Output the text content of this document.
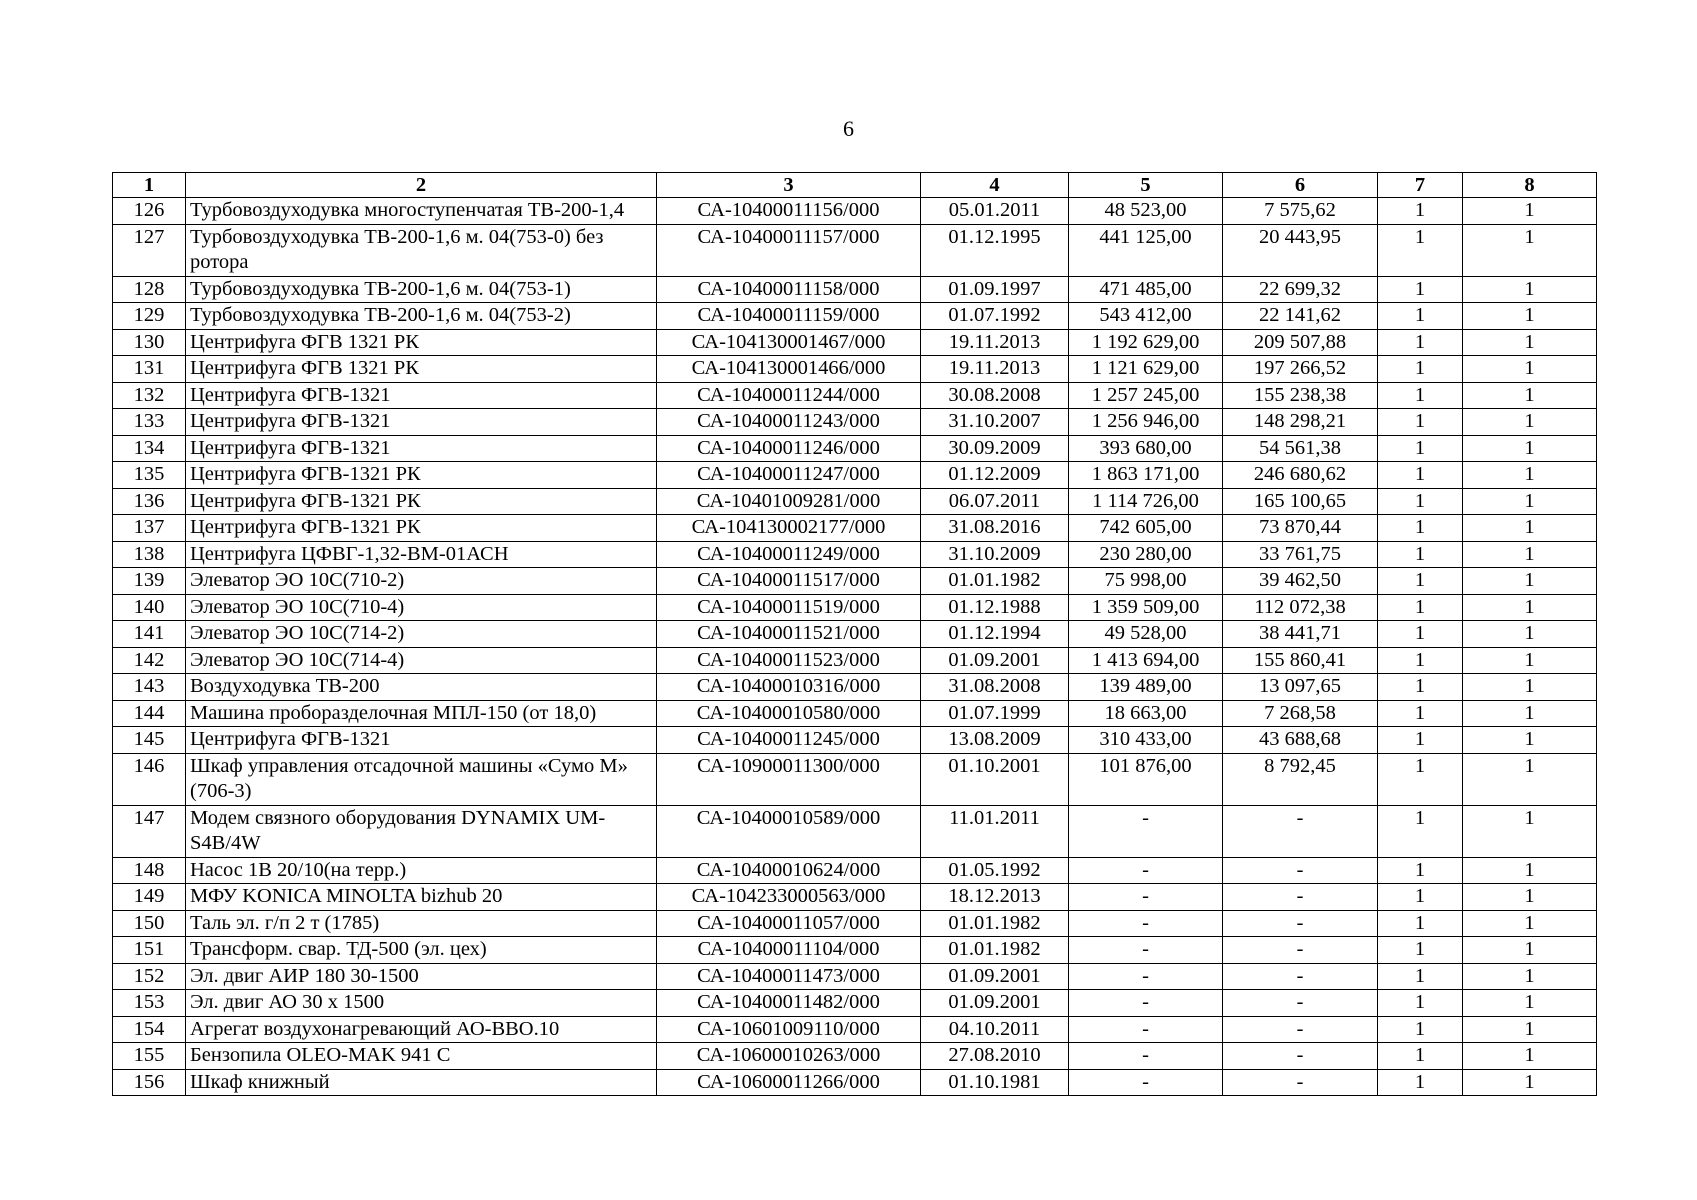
6
1	2	3	4	5	6	7	8
126	Турбовоздуходувка многоступенчатая ТВ-200-1,4	СА-10400011156/000	05.01.2011	48 523,00	7 575,62	1	1
127	Турбовоздуходувка ТВ-200-1,6 м. 04(753-0) без ротора	СА-10400011157/000	01.12.1995	441 125,00	20 443,95	1	1
128	Турбовоздуходувка ТВ-200-1,6 м. 04(753-1)	СА-10400011158/000	01.09.1997	471 485,00	22 699,32	1	1
129	Турбовоздуходувка ТВ-200-1,6 м. 04(753-2)	СА-10400011159/000	01.07.1992	543 412,00	22 141,62	1	1
130	Центрифуга ФГВ 1321 РК	СА-104130001467/000	19.11.2013	1 192 629,00	209 507,88	1	1
131	Центрифуга ФГВ 1321 РК	СА-104130001466/000	19.11.2013	1 121 629,00	197 266,52	1	1
132	Центрифуга ФГВ-1321	СА-10400011244/000	30.08.2008	1 257 245,00	155 238,38	1	1
133	Центрифуга ФГВ-1321	СА-10400011243/000	31.10.2007	1 256 946,00	148 298,21	1	1
134	Центрифуга ФГВ-1321	СА-10400011246/000	30.09.2009	393 680,00	54 561,38	1	1
135	Центрифуга ФГВ-1321 РК	СА-10400011247/000	01.12.2009	1 863 171,00	246 680,62	1	1
136	Центрифуга ФГВ-1321 РК	СА-10401009281/000	06.07.2011	1 114 726,00	165 100,65	1	1
137	Центрифуга ФГВ-1321 РК	СА-104130002177/000	31.08.2016	742 605,00	73 870,44	1	1
138	Центрифуга ЦФВГ-1,32-ВМ-01АСН	СА-10400011249/000	31.10.2009	230 280,00	33 761,75	1	1
139	Элеватор ЭО 10С(710-2)	СА-10400011517/000	01.01.1982	75 998,00	39 462,50	1	1
140	Элеватор ЭО 10С(710-4)	СА-10400011519/000	01.12.1988	1 359 509,00	112 072,38	1	1
141	Элеватор ЭО 10С(714-2)	СА-10400011521/000	01.12.1994	49 528,00	38 441,71	1	1
142	Элеватор ЭО 10С(714-4)	СА-10400011523/000	01.09.2001	1 413 694,00	155 860,41	1	1
143	Воздуходувка ТВ-200	СА-10400010316/000	31.08.2008	139 489,00	13 097,65	1	1
144	Машина проборазделочная МПЛ-150 (от 18,0)	СА-10400010580/000	01.07.1999	18 663,00	7 268,58	1	1
145	Центрифуга ФГВ-1321	СА-10400011245/000	13.08.2009	310 433,00	43 688,68	1	1
146	Шкаф управления отсадочной машины «Сумо М» (706-3)	СА-10900011300/000	01.10.2001	101 876,00	8 792,45	1	1
147	Модем связного оборудования DYNAMIX UM-S4B/4W	СА-10400010589/000	11.01.2011	-	-	1	1
148	Насос 1В 20/10(на терр.)	СА-10400010624/000	01.05.1992	-	-	1	1
149	МФУ KONICA MINOLTA bizhub 20	СА-104233000563/000	18.12.2013	-	-	1	1
150	Таль эл. г/п 2 т (1785)	СА-10400011057/000	01.01.1982	-	-	1	1
151	Трансформ. свар. ТД-500 (эл. цех)	СА-10400011104/000	01.01.1982	-	-	1	1
152	Эл. двиг АИР 180 30-1500	СА-10400011473/000	01.09.2001	-	-	1	1
153	Эл. двиг АО 30 х 1500	СА-10400011482/000	01.09.2001	-	-	1	1
154	Агрегат воздухонагревающий АО-ВВО.10	СА-10601009110/000	04.10.2011	-	-	1	1
155	Бензопила OLEO-MAK 941 С	СА-10600010263/000	27.08.2010	-	-	1	1
156	Шкаф книжный	СА-10600011266/000	01.10.1981	-	-	1	1
